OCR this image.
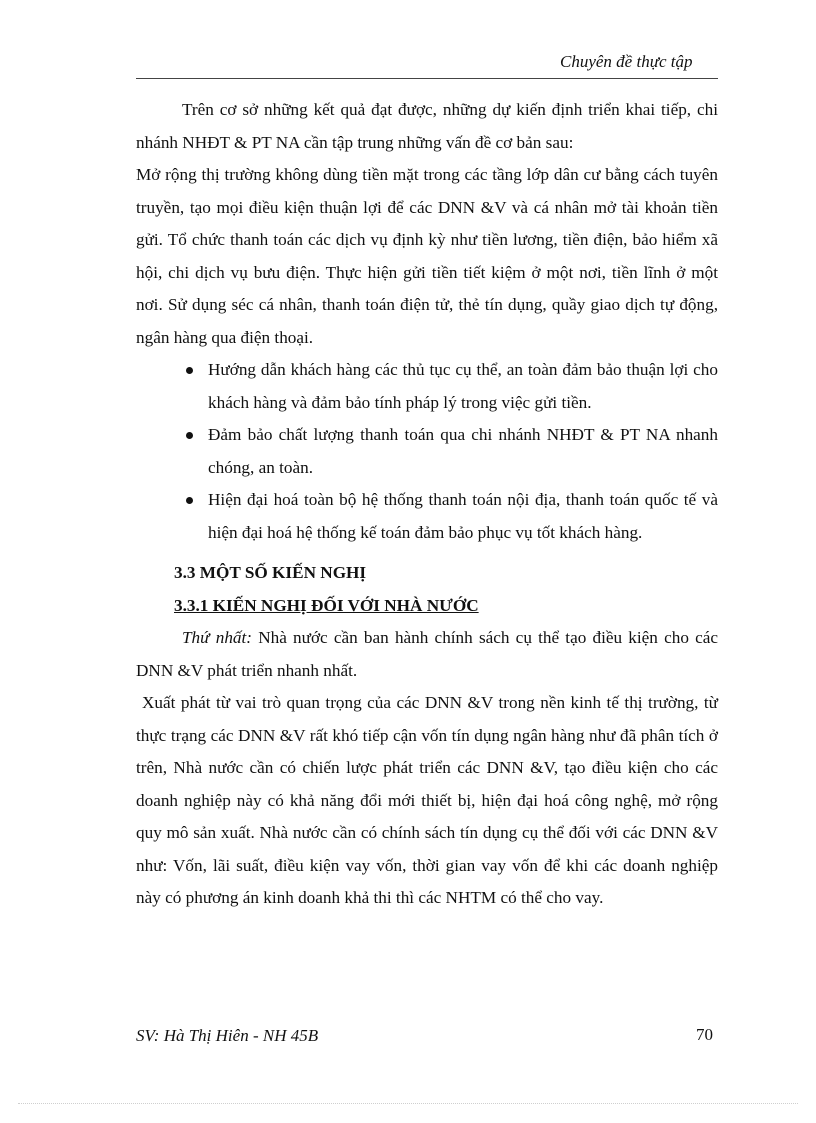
Chuyên đề thực tập

Trên cơ sở những kết quả đạt được, những dự kiến định triển khai tiếp, chi nhánh NHĐT & PT NA cần tập trung những vấn đề cơ bản sau:

Mở rộng thị trường không dùng tiền mặt trong các tầng lớp dân cư bằng cách tuyên truyền, tạo mọi điều kiện thuận lợi để các DNN &V và cá nhân mở tài khoản tiền gửi. Tổ chức thanh toán các dịch vụ định kỳ như tiền lương, tiền điện, bảo hiểm xã hội, chi dịch vụ bưu điện. Thực hiện gửi tiền tiết kiệm ở một nơi, tiền lĩnh ở một nơi. Sử dụng séc cá nhân, thanh toán điện tử, thẻ tín dụng, quầy giao dịch tự động, ngân hàng qua điện thoại.

Hướng dẫn khách hàng các thủ tục cụ thể, an toàn đảm bảo thuận lợi cho khách hàng và đảm bảo tính pháp lý trong việc gửi tiền.
Đảm bảo chất lượng thanh toán qua chi nhánh NHĐT & PT NA nhanh chóng, an toàn.
Hiện đại hoá toàn bộ hệ thống thanh toán nội địa, thanh toán quốc tế và hiện đại hoá hệ thống kế toán đảm bảo phục vụ tốt khách hàng.
3.3 MỘT SỐ KIẾN NGHỊ
3.3.1 KIẾN NGHỊ ĐỐI VỚI NHÀ NƯỚC

Thứ nhất: Nhà nước cần ban hành chính sách cụ thể tạo điều kiện cho các DNN &V phát triển nhanh nhất.

Xuất phát từ vai trò quan trọng của các DNN &V trong nền kinh tế thị trường, từ thực trạng các DNN &V rất khó tiếp cận vốn tín dụng ngân hàng như đã phân tích ở trên, Nhà nước cần có chiến lược phát triển các DNN &V, tạo điều kiện cho các doanh nghiệp này có khả năng đổi mới thiết bị, hiện đại hoá công nghệ, mở rộng quy mô sản xuất. Nhà nước cần có chính sách tín dụng cụ thể đối với các DNN &V như: Vốn, lãi suất, điều kiện vay vốn, thời gian vay vốn để khi các doanh nghiệp này có phương án kinh doanh khả thi thì các NHTM có thể cho vay.

SV: Hà Thị Hiên - NH 45B	70
